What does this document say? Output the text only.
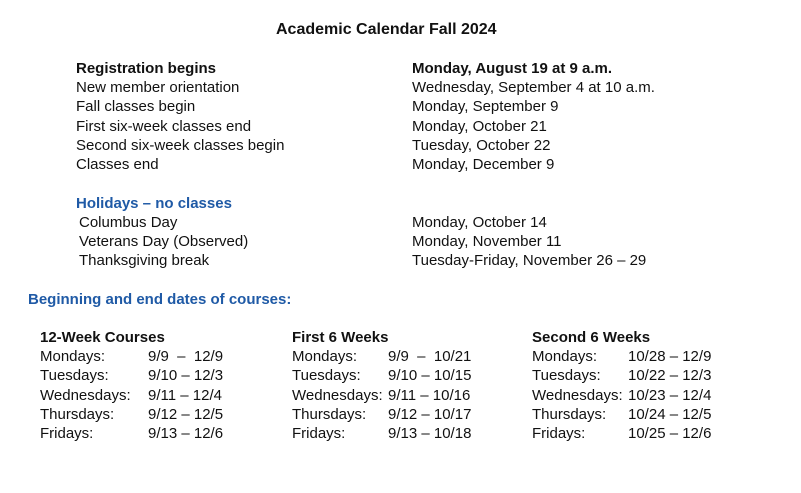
Academic Calendar Fall 2024
Registration begins	Monday, August 19 at 9 a.m.
New member orientation	Wednesday, September 4 at 10 a.m.
Fall classes begin	Monday, September 9
First six-week classes end	Monday, October 21
Second six-week classes begin	Tuesday, October 22
Classes end	Monday, December 9
Holidays – no classes
Columbus Day	Monday, October 14
Veterans Day (Observed)	Monday, November 11
Thanksgiving break	Tuesday-Friday, November 26 – 29
Beginning and end dates of courses:
12-Week Courses
Mondays:	9/9  –  12/9
Tuesdays:	9/10 – 12/3
Wednesdays: 9/11 – 12/4
Thursdays: 9/12 – 12/5
Fridays:	9/13 – 12/6
First 6 Weeks
Mondays: 9/9  –  10/21
Tuesdays: 9/10 – 10/15
Wednesdays: 9/11 – 10/16
Thursdays: 9/12 – 10/17
Fridays:	9/13 – 10/18
Second 6 Weeks
Mondays: 10/28 – 12/9
Tuesdays: 10/22 – 12/3
Wednesdays: 10/23 – 12/4
Thursdays: 10/24 – 12/5
Fridays:	10/25 – 12/6
